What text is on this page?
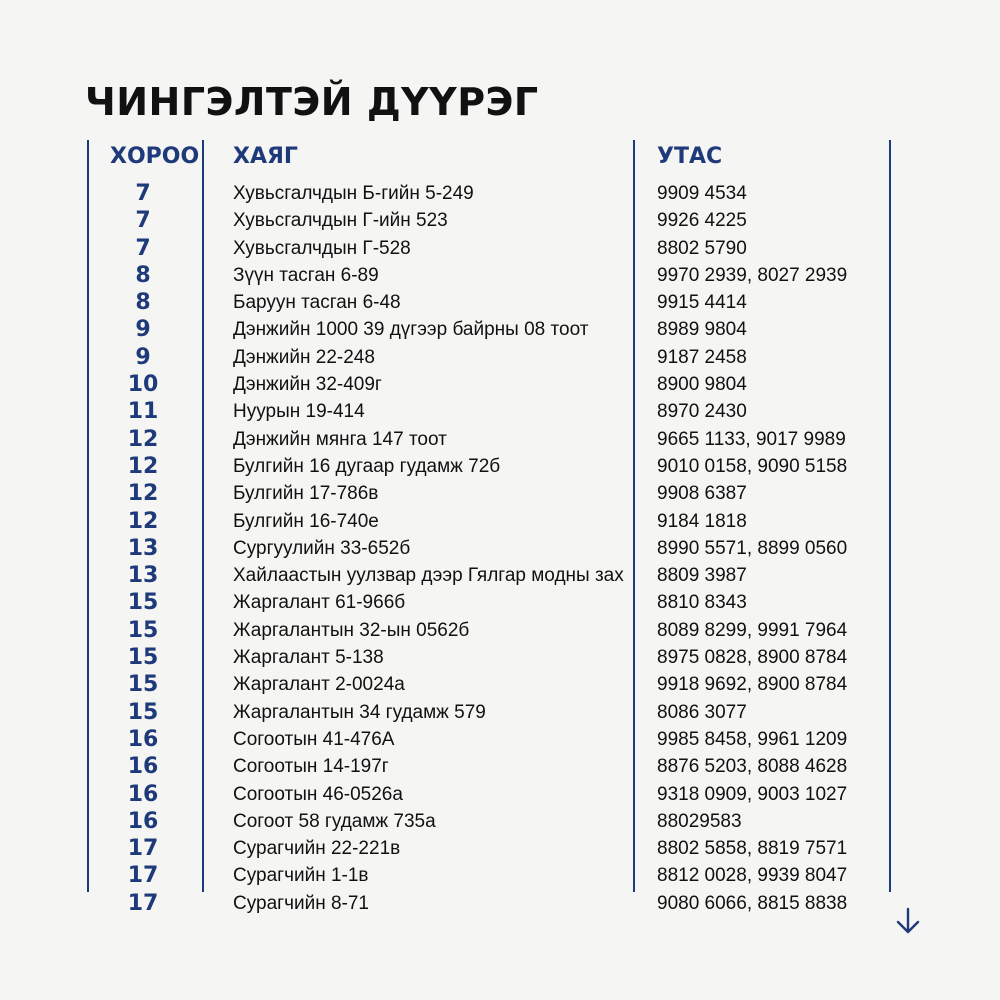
ЧИНГЭЛТЭЙ ДҮҮРЭГ
ХОРОО ХАЯГ	УТАС
7	Хувьсгалчдын Б-гийн 5-249	9909 4534
7	Хувьсгалчдын Г-ийн 523	9926 4225
7	Хувьсгалчдын Г-528	8802 5790
8	Зүүн тасган 6-89	9970 2939, 8027 2939
8	Баруун тасган 6-48	9915 4414
9	Дэнжийн 1000 39 дүгээр байрны 08 тоот	8989 9804
9	Дэнжийн 22-248	9187 2458
10	Дэнжийн 32-409г	8900 9804
11	Нуурын 19-414	8970 2430
12	Дэнжийн мянга 147 тоот	9665 1133, 9017 9989
12	Булгийн 16 дугаар гудамж 72б	9010 0158, 9090 5158
12	Булгийн 17-786в	9908 6387
12	Булгийн 16-740е	9184 1818
13	Сургуулийн 33-652б	8990 5571, 8899 0560
13	Хайлаастын уулзвар дээр Гялгар модны зах 8809 3987
15	Жаргалант 61-966б	8810 8343
15	Жаргалантын 32-ын 0562б	8089 8299, 9991 7964
15	Жаргалант 5-138	8975 0828, 8900 8784
15	Жаргалант 2-0024а	9918 9692, 8900 8784
15	Жаргалантын 34 гудамж 579	8086 3077
16	Согоотын 41-476А	9985 8458, 9961 1209
16	Согоотын 14-197г	8876 5203, 8088 4628
16	Согоотын 46-0526а	9318 0909, 9003 1027
16	Согоот 58 гудамж 735а	88029583
17	Сурагчийн 22-221в	8802 5858, 8819 7571
17	Сурагчийн 1-1в	8812 0028, 9939 8047
17	Сурагчийн 8-71	9080 6066, 8815 8838
